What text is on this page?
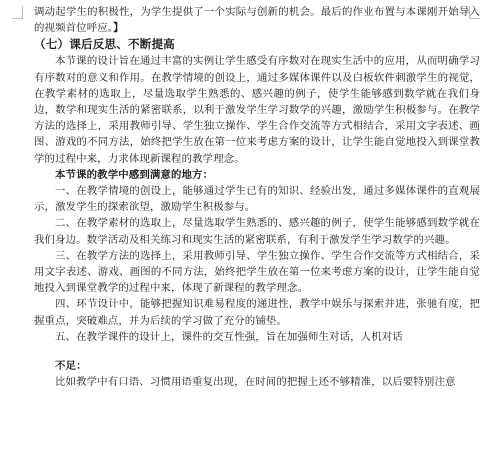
调动起学生的积极性，为学生提供了一个实际与创新的机会。最后的作业布置与本课刚开始导入的视频首位呼应。】

（七）课后反思、不断提高

本节课的设计旨在通过丰富的实例让学生感受有序数对在现实生活中的应用，从而明确学习有序数对的意义和作用。在教学情境的创设上，通过多媒体课件以及白板软件刺激学生的视觉，在教学素材的选取上，尽量选取学生熟悉的、感兴趣的例子，使学生能够感到数学就在我们身边，数学和现实生活的紧密联系，以利于激发学生学习数学的兴趣，激励学生积极参与。在教学方法的选择上，采用教师引导、学生独立操作、学生合作交流等方式相结合，采用文字表述、画图、游戏的不同方法，始终把学生放在第一位来考虑方案的设计，让学生能自觉地投入到课堂教学的过程中来，力求体现新课程的教学理念。

本节课的教学中感到满意的地方：

一、在教学情境的创设上，能够通过学生已有的知识、经验出发，通过多媒体课件的直观展示，激发学生的探索欲望，激励学生积极参与。

二、在教学素材的选取上，尽量选取学生熟悉的、感兴趣的例子，使学生能够感到数学就在我们身边。数学活动及相关练习和现实生活的紧密联系，有利于激发学生学习数学的兴趣。

三、在教学方法的选择上，采用教师引导、学生独立操作、学生合作交流等方式相结合，采用文字表述、游戏、画图的不同方法，始终把学生放在第一位来考虑方案的设计，让学生能自觉地投入到课堂教学的过程中来，体现了新课程的教学理念。

四、环节设计中，能够把握知识难易程度的递进性，教学中娱乐与探索并进，张驰有度，把握重点，突破难点，并为后续的学习做了充分的铺垫。

五、在教学课件的设计上，课件的交互性强，旨在加强师生对话，人机对话

不足：

比如教学中有口语、习惯用语重复出现，在时间的把握上还不够精准，以后要特别注意
